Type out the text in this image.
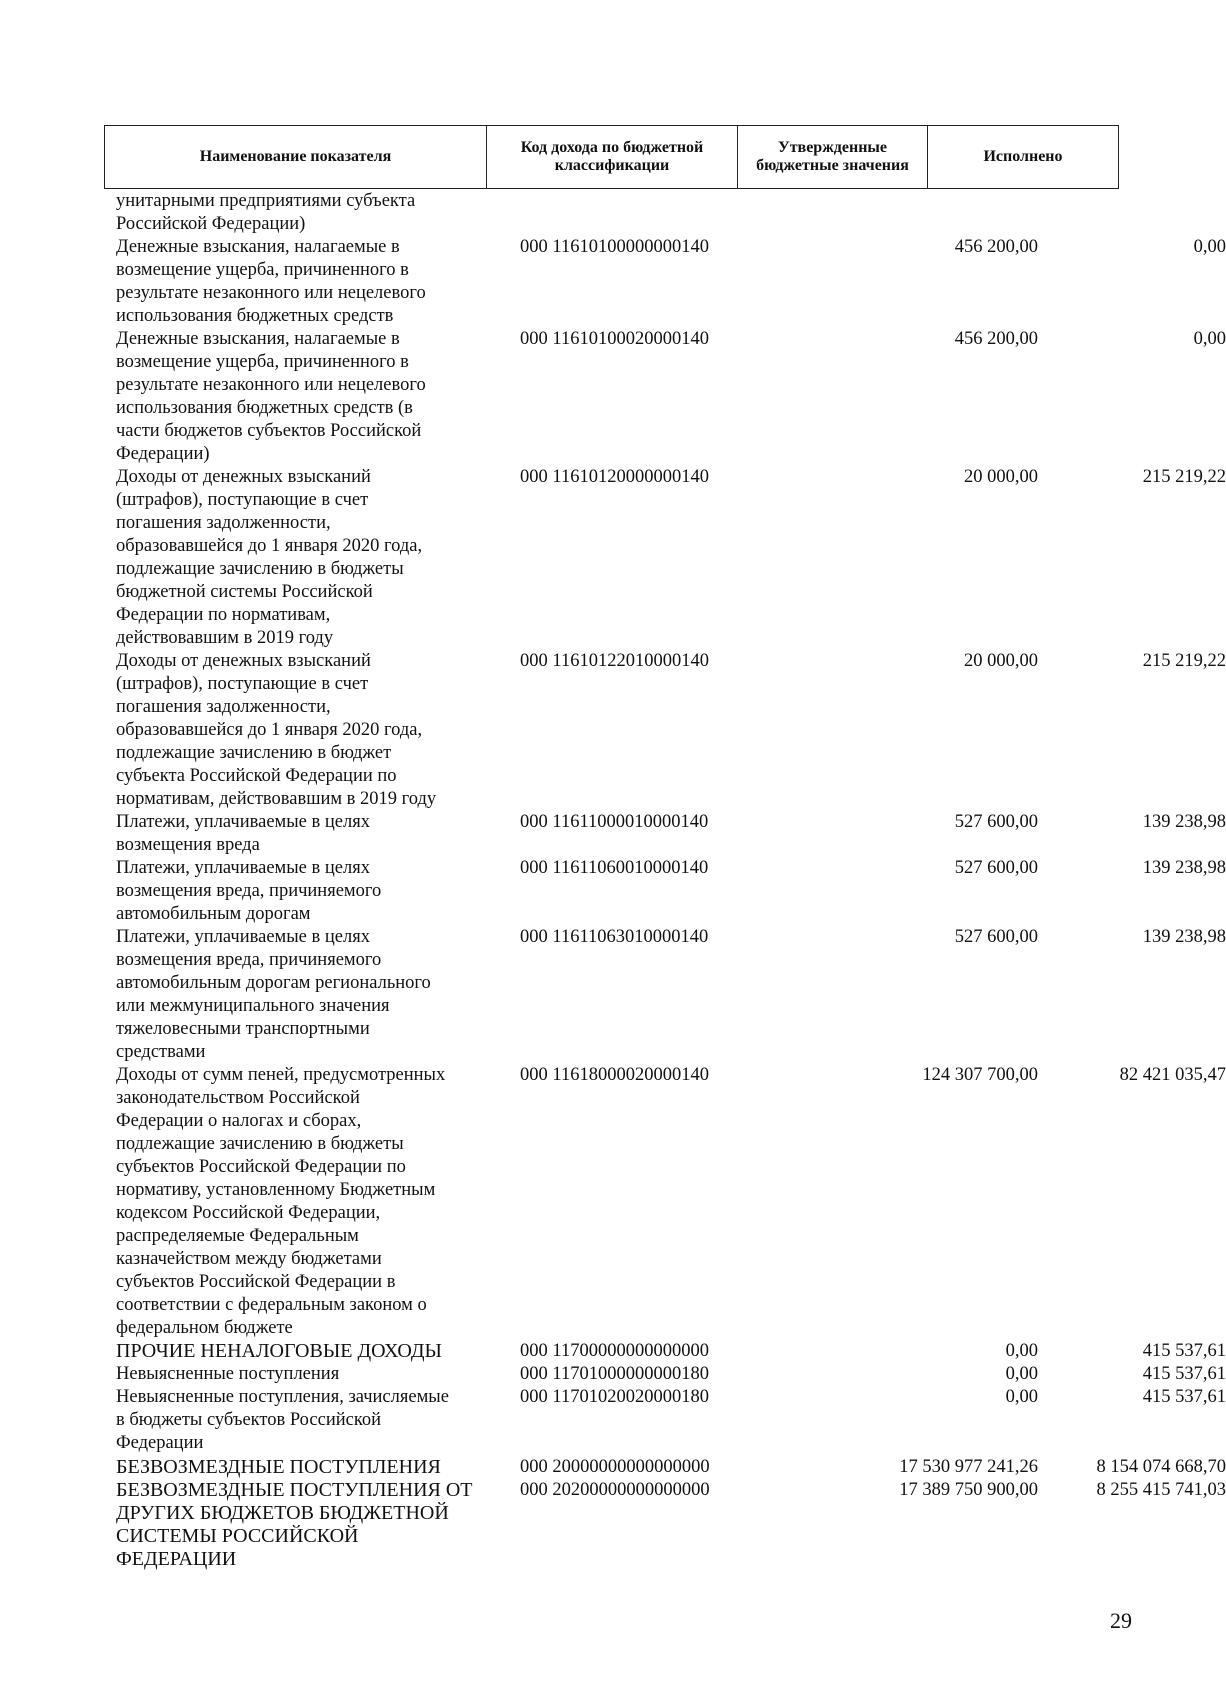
Наименование показателя
Код дохода по бюджетной классификации
Утвержденные бюджетные значения
Исполнено
унитарными предприятиями субъекта
Российской Федерации)
Денежные взыскания, налагаемые в
возмещение ущерба, причиненного в
результате незаконного или нецелевого
использования бюджетных средств
000 11610100000000140	456 200,00	0,00
Денежные взыскания, налагаемые в
возмещение ущерба, причиненного в
результате незаконного или нецелевого
использования бюджетных средств (в
части бюджетов субъектов Российской
Федерации)
000 11610100020000140	456 200,00	0,00
Доходы от денежных взысканий
(штрафов), поступающие в счет
погашения задолженности,
образовавшейся до 1 января 2020 года,
подлежащие зачислению в бюджеты
бюджетной системы Российской
Федерации по нормативам,
действовавшим в 2019 году
000 11610120000000140	20 000,00	215 219,22
Доходы от денежных взысканий
(штрафов), поступающие в счет
погашения задолженности,
образовавшейся до 1 января 2020 года,
подлежащие зачислению в бюджет
субъекта Российской Федерации по
нормативам, действовавшим в 2019 году
000 11610122010000140	20 000,00	215 219,22
Платежи, уплачиваемые в целях
возмещения вреда
000 11611000010000140	527 600,00	139 238,98
Платежи, уплачиваемые в целях
возмещения вреда, причиняемого
автомобильным дорогам
000 11611060010000140	527 600,00	139 238,98
Платежи, уплачиваемые в целях
возмещения вреда, причиняемого
автомобильным дорогам регионального
или межмуниципального значения
тяжеловесными транспортными
средствами
000 11611063010000140	527 600,00	139 238,98
Доходы от сумм пеней, предусмотренных
законодательством Российской
Федерации о налогах и сборах,
подлежащие зачислению в бюджеты
субъектов Российской Федерации по
нормативу, установленному Бюджетным
кодексом Российской Федерации,
распределяемые Федеральным
казначейством между бюджетами
субъектов Российской Федерации в
соответствии с федеральным законом о
федеральном бюджете
000 11618000020000140	124 307 700,00	82 421 035,47
ПРОЧИЕ НЕНАЛОГОВЫЕ ДОХОДЫ	000 11700000000000000	0,00	415 537,61
Невыясненные поступления	000 11701000000000180	0,00	415 537,61
Невыясненные поступления, зачисляемые
в бюджеты субъектов Российской
Федерации
000 11701020020000180	0,00	415 537,61
БЕЗВОЗМЕЗДНЫЕ ПОСТУПЛЕНИЯ	000 20000000000000000	17 530 977 241,26	8 154 074 668,70
БЕЗВОЗМЕЗДНЫЕ ПОСТУПЛЕНИЯ ОТ
ДРУГИХ БЮДЖЕТОВ БЮДЖЕТНОЙ
СИСТЕМЫ РОССИЙСКОЙ
ФЕДЕРАЦИИ
000 20200000000000000	17 389 750 900,00	8 255 415 741,03
29
